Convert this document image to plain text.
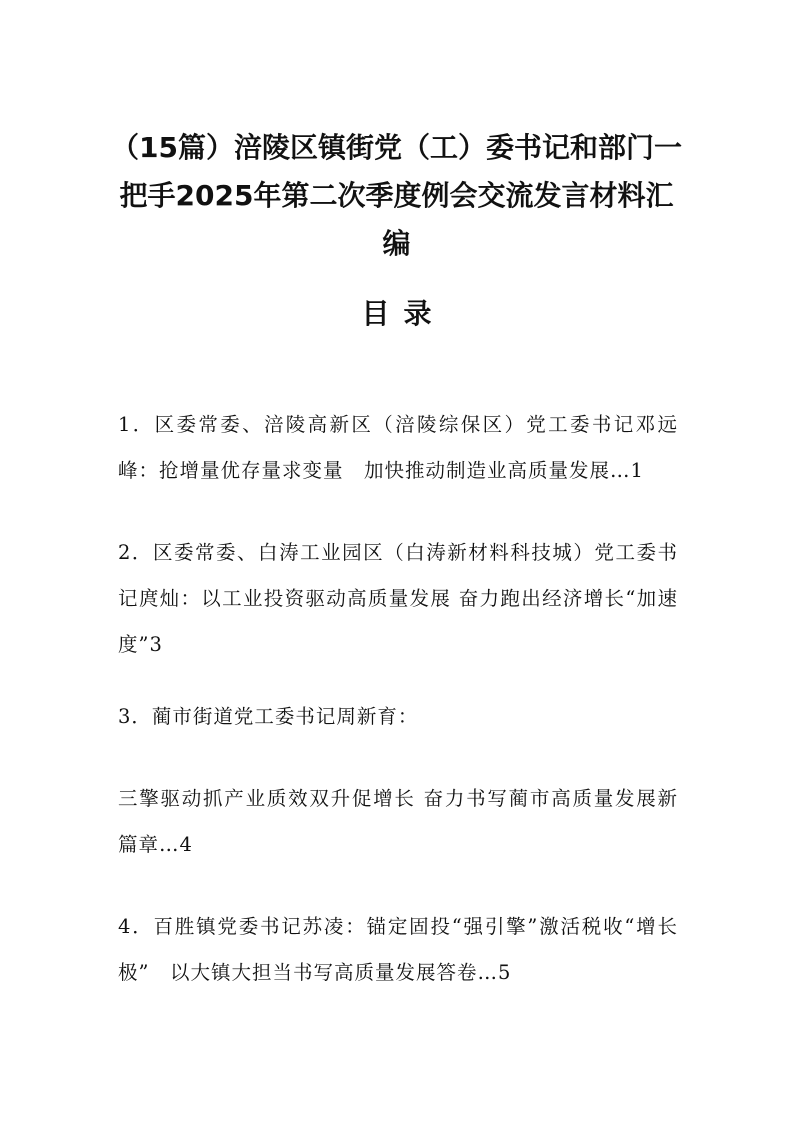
（15篇）涪陵区镇街党（工）委书记和部门一把手2025年第二次季度例会交流发言材料汇编
目录

1．区委常委、涪陵高新区（涪陵综保区）党工委书记邓远峰：抢增量优存量求变量　加快推动制造业高质量发展…1

2．区委常委、白涛工业园区（白涛新材料科技城）党工委书记庹灿：以工业投资驱动高质量发展 奋力跑出经济增长“加速度”3

3．蔺市街道党工委书记周新育：

三擎驱动抓产业质效双升促增长 奋力书写蔺市高质量发展新篇章…4

4．百胜镇党委书记苏凌：锚定固投“强引擎”激活税收“增长极”　以大镇大担当书写高质量发展答卷…5
